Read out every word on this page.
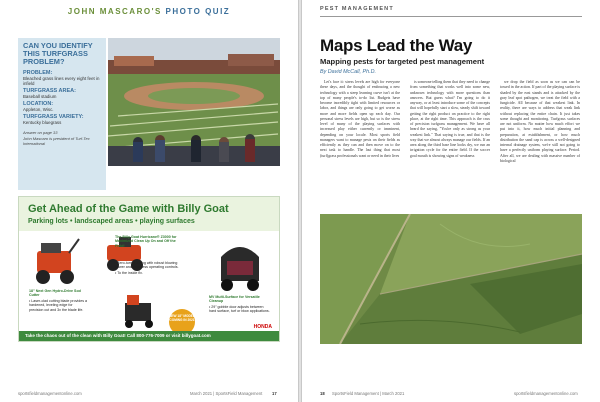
JOHN MASCARO'S PHOTO QUIZ
CAN YOU IDENTIFY THIS TURFGRASS PROBLEM?
PROBLEM:
Bleached grass lines every eight feet in infield
TURFGRASS AREA:
Baseball stadium
LOCATION:
Appleton, Wisc.
TURFGRASS VARIETY:
Kentucky bluegrass
Answer on page 33
John Mascaro is president of Turf-Tec International
Get Ahead of the Game with Billy Goat
Parking lots • landscaped areas • playing surfaces
The Billy Goat Hurricane® Z3000 for Maximized Clean Up On and Off the Field!
• Zero-turn steering with robust blowing power and seamless operating controls.
• To the inside fix.
18" Next Gen Hydro-Drive Sod Cutter
• Laser-clad cutting blade provides a hardened, leveling edge for precision cut and 3x the blade life.
MV Multi-Surface for Versatile Cleanup
• 29" gobble door adjusts between hard surface, turf or blow applications.
NEW 18" MODEL COMING IN 2021
HONDA
Take the chaos out of the clean with Billy Goat! Call 800-776-7009 or visit billygoat.com
sportsfieldmanagementonline.com	March 2021 | SportsField Management 17
PEST MANAGEMENT
Maps Lead the Way
Mapping pests for targeted pest management
By David McCall, Ph.D.

Let's face it: stress levels are high for everyone these days, and the thought of embracing a new technology with a steep learning curve isn't at the top of many people's to-do list. Budgets have become incredibly tight with limited resources or labor, and things are only going to get worse as more and more fields open up each day. Our personal stress levels are high, but so is the stress level of many of the playing surfaces with increased play either currently or imminent, depending on your locale. Most sports field managers want to manage pests on their fields as efficiently as they can and then move on to the next task to handle. The last thing that most (turf)grass professionals want or need in their lives

is someone telling them that they need to change from something that works well into some new, unknown technology with more questions than answers. But guess what? I'm going to do it anyway, or at least introduce some of the concepts that will hopefully start a slow, steady shift toward getting the right product on practice to the right place, at the right time. This approach is the crux of precision turfgrass management. We have all heard the saying, "You're only as strong as your weakest link." That saying is true, and that is the way that we almost always manage our fields. If an area along the third base line looks dry, we run an irrigation cycle for the entire field. If the soccer goal mouth is showing signs of weakness

we drop the field as soon as we can can be tossed in the action. If part of the playing surface is shaded by the east stands and is attacked by the gray leaf spot pathogen, we treat the field with a fungicide. All because of that weakest link. In reality, there are ways to address that weak link without replacing the entire chain. It just takes some thought and monitoring. Turfgrass surfaces are not uniform. No matter how much effort we put into it, how much initial planning and preparation, at establishment, or how much distribution the sand cap is across a well-designed internal drainage system, we're still not going to have a perfectly uniform playing surface. Period. After all, we are dealing with massive number of biological

18 SportsField Management | March 2021	sportsfieldmanagementonline.com
